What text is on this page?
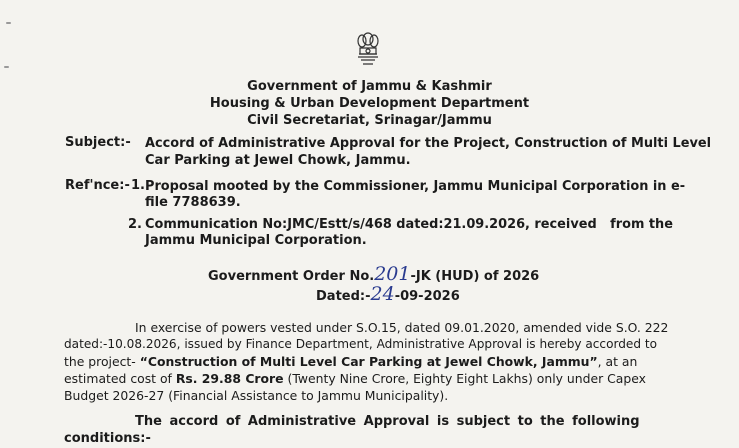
Government of Jammu & Kashmir
Housing & Urban Development Department
Civil Secretariat, Srinagar/Jammu
Subject:- Accord of Administrative Approval for the Project, Construction of Multi Level
Car Parking at Jewel Chowk, Jammu.
Ref'nce:- 1. Proposal mooted by the Commissioner, Jammu Municipal Corporation in e-
file 7788639.
2. Communication No:JMC/Estt/s/468 dated:21.09.2026, received   from the
Jammu Municipal Corporation.
Government Order No.201-JK (HUD) of 2026
Dated:-24-09-2026
In exercise of powers vested under S.O.15, dated 09.01.2020, amended vide S.O. 222
dated:-10.08.2026, issued by Finance Department, Administrative Approval is hereby accorded to
the project- “Construction of Multi Level Car Parking at Jewel Chowk, Jammu”, at an
estimated cost of Rs. 29.88 Crore (Twenty Nine Crore, Eighty Eight Lakhs) only under Capex
Budget 2026-27 (Financial Assistance to Jammu Municipality).
The accord of Administrative Approval is subject to the following
conditions:-
